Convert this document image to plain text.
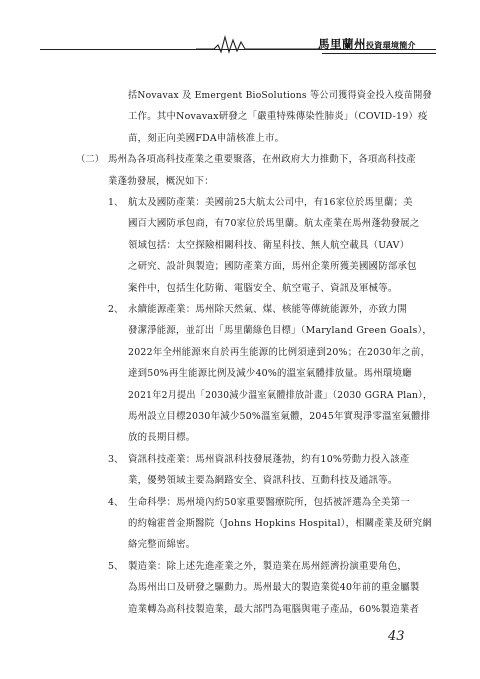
馬里蘭州投資環境簡介
括Novavax 及 Emergent BioSolutions 等公司獲得資金投入疫苗開發
工作。其中Novavax研發之「嚴重特殊傳染性肺炎」（COVID-19）疫
苗，刻正向美國FDA申請核准上市。
（二） 馬州為各項高科技產業之重要聚落，在州政府大力推動下，各項高科技產
業蓬勃發展，概況如下：
1、 航太及國防產業：美國前25大航太公司中，有16家位於馬里蘭；美
國百大國防承包商，有70家位於馬里蘭。航太產業在馬州蓬勃發展之
領域包括：太空探險相關科技、衛星科技、無人航空載具（UAV）
之研究、設計與製造；國防產業方面，馬州企業所獲美國國防部承包
案件中，包括生化防衛、電腦安全、航空電子、資訊及軍械等。
2、 永續能源產業：馬州除天然氣、煤、核能等傳統能源外，亦致力開
發潔淨能源，並訂出「馬里蘭綠色目標」（Maryland Green Goals），
2022年全州能源來自於再生能源的比例須達到20%；在2030年之前，
達到50%再生能源比例及減少40%的溫室氣體排放量。馬州環境廳
2021年2月提出「2030減少溫室氣體排放計畫」（2030 GGRA Plan），
馬州設立目標2030年減少50%溫室氣體，2045年實現淨零溫室氣體排
放的長期目標。
3、 資訊科技產業：馬州資訊科技發展蓬勃，約有10%勞動力投入該產
業，優勢領域主要為網路安全、資訊科技、互動科技及通訊等。
4、 生命科學：馬州境內約50家重要醫療院所，包括被評選為全美第一
的約翰霍普金斯醫院（Johns Hopkins Hospital），相關產業及研究網
絡完整而綿密。
5、 製造業：除上述先進產業之外，製造業在馬州經濟扮演重要角色，
為馬州出口及研發之驅動力。馬州最大的製造業從40年前的重金屬製
造業轉為高科技製造業，最大部門為電腦與電子產品，60%製造業者
43
